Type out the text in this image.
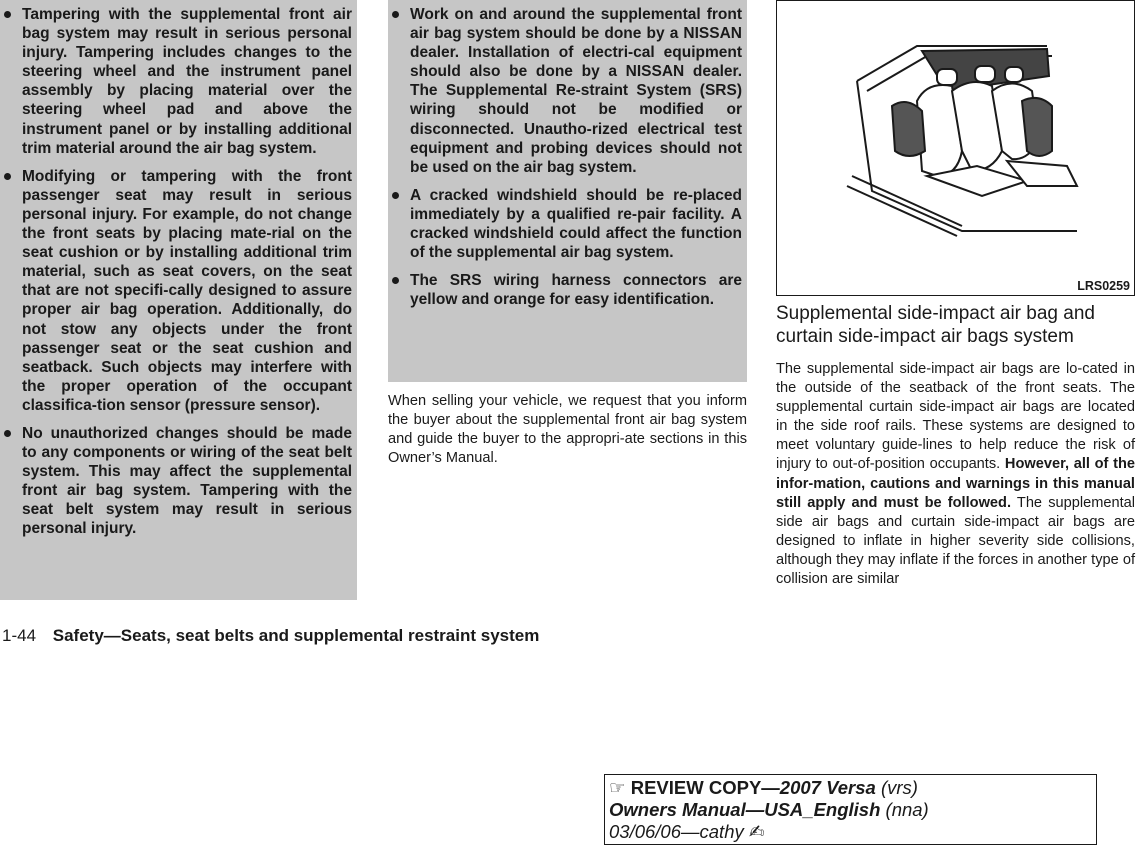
Tampering with the supplemental front air bag system may result in serious personal injury. Tampering includes changes to the steering wheel and the instrument panel assembly by placing material over the steering wheel pad and above the instrument panel or by installing additional trim material around the air bag system.
Modifying or tampering with the front passenger seat may result in serious personal injury. For example, do not change the front seats by placing mate-rial on the seat cushion or by installing additional trim material, such as seat covers, on the seat that are not specifi-cally designed to assure proper air bag operation. Additionally, do not stow any objects under the front passenger seat or the seat cushion and seatback. Such objects may interfere with the proper operation of the occupant classifica-tion sensor (pressure sensor).
No unauthorized changes should be made to any components or wiring of the seat belt system. This may affect the supplemental front air bag system. Tampering with the seat belt system may result in serious personal injury.
Work on and around the supplemental front air bag system should be done by a NISSAN dealer. Installation of electri-cal equipment should also be done by a NISSAN dealer. The Supplemental Re-straint System (SRS) wiring should not be modified or disconnected. Unautho-rized electrical test equipment and probing devices should not be used on the air bag system.
A cracked windshield should be re-placed immediately by a qualified re-pair facility. A cracked windshield could affect the function of the supplemental air bag system.
The SRS wiring harness connectors are yellow and orange for easy identification.

When selling your vehicle, we request that you inform the buyer about the supplemental front air bag system and guide the buyer to the appropri-ate sections in this Owner’s Manual.

LRS0259
Supplemental side-impact air bag and curtain side-impact air bags system

The supplemental side-impact air bags are lo-cated in the outside of the seatback of the front seats. The supplemental curtain side-impact air bags are located in the side roof rails. These systems are designed to meet voluntary guide-lines to help reduce the risk of injury to out-of-position occupants. However, all of the infor-mation, cautions and warnings in this manual still apply and must be followed. The supplemental side air bags and curtain side-impact air bags are designed to inflate in higher severity side collisions, although they may inflate if the forces in another type of collision are similar

1-44 Safety—Seats, seat belts and supplemental restraint system
☞ REVIEW COPY—2007 Versa (vrs)
Owners Manual—USA_English (nna)
03/06/06—cathy ✍
